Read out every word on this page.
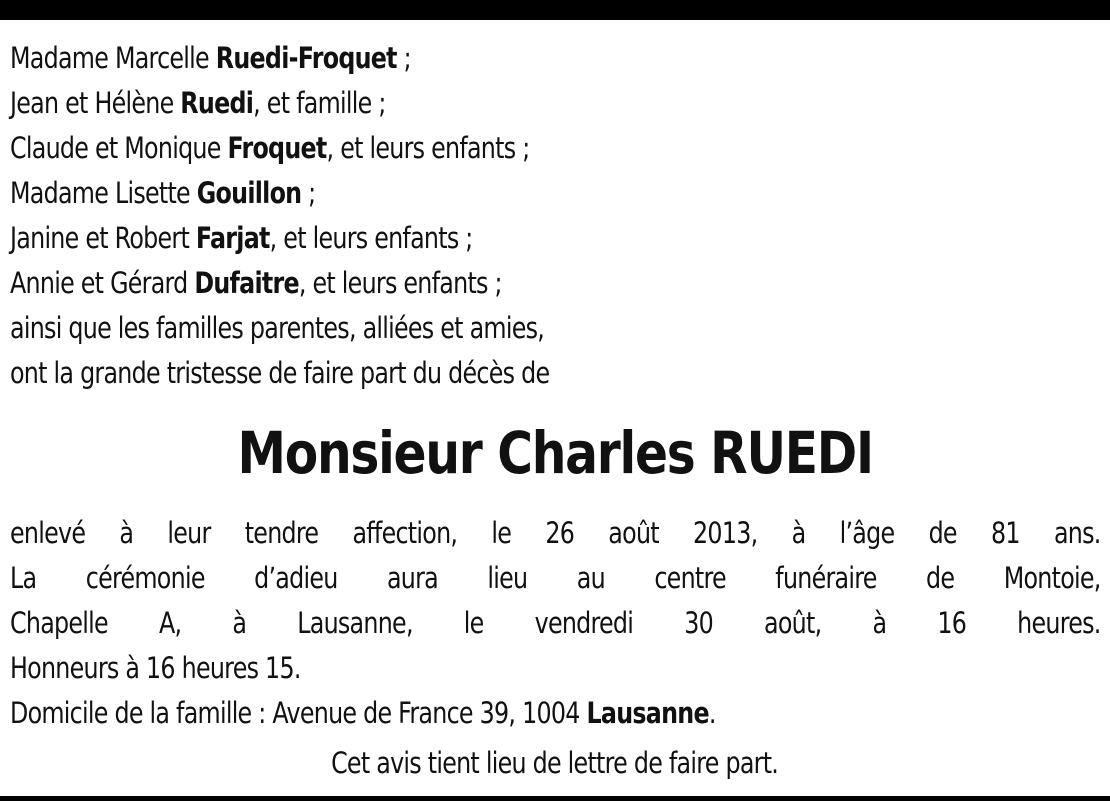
Madame Marcelle Ruedi-Froquet ;
Jean et Hélène Ruedi, et famille ;
Claude et Monique Froquet, et leurs enfants ;
Madame Lisette Gouillon ;
Janine et Robert Farjat, et leurs enfants ;
Annie et Gérard Dufaitre, et leurs enfants ;
ainsi que les familles parentes, alliées et amies,
ont la grande tristesse de faire part du décès de
Monsieur Charles RUEDI
enlevé à leur tendre affection, le 26 août 2013, à l’âge de 81 ans.
La cérémonie d’adieu aura lieu au centre funéraire de Montoie,
Chapelle A, à Lausanne, le vendredi 30 août, à 16 heures.
Honneurs à 16 heures 15.
Domicile de la famille : Avenue de France 39, 1004 Lausanne.
Cet avis tient lieu de lettre de faire part.
